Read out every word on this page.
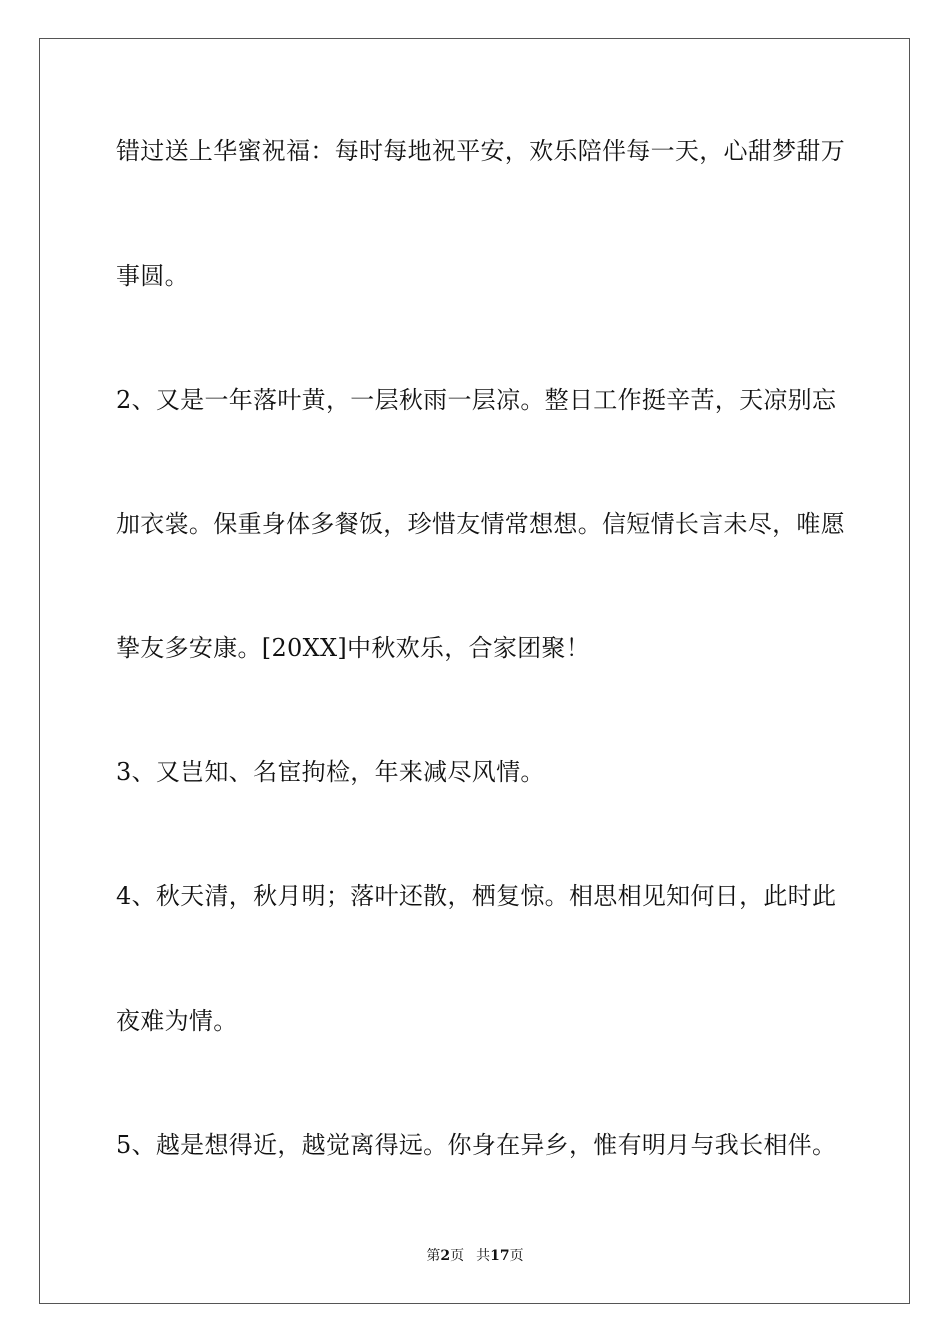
错过送上华蜜祝福：每时每地祝平安，欢乐陪伴每一天，心甜梦甜万
事圆。
2、又是一年落叶黄，一层秋雨一层凉。整日工作挺辛苦，天凉别忘
加衣裳。保重身体多餐饭，珍惜友情常想想。信短情长言未尽，唯愿
挚友多安康。[20XX]中秋欢乐，合家团聚！
3、又岂知、名宦拘检，年来减尽风情。
4、秋天清，秋月明；落叶还散，栖复惊。相思相见知何日，此时此
夜难为情。
5、越是想得近，越觉离得远。你身在异乡，惟有明月与我长相伴。
第2页 共17页
